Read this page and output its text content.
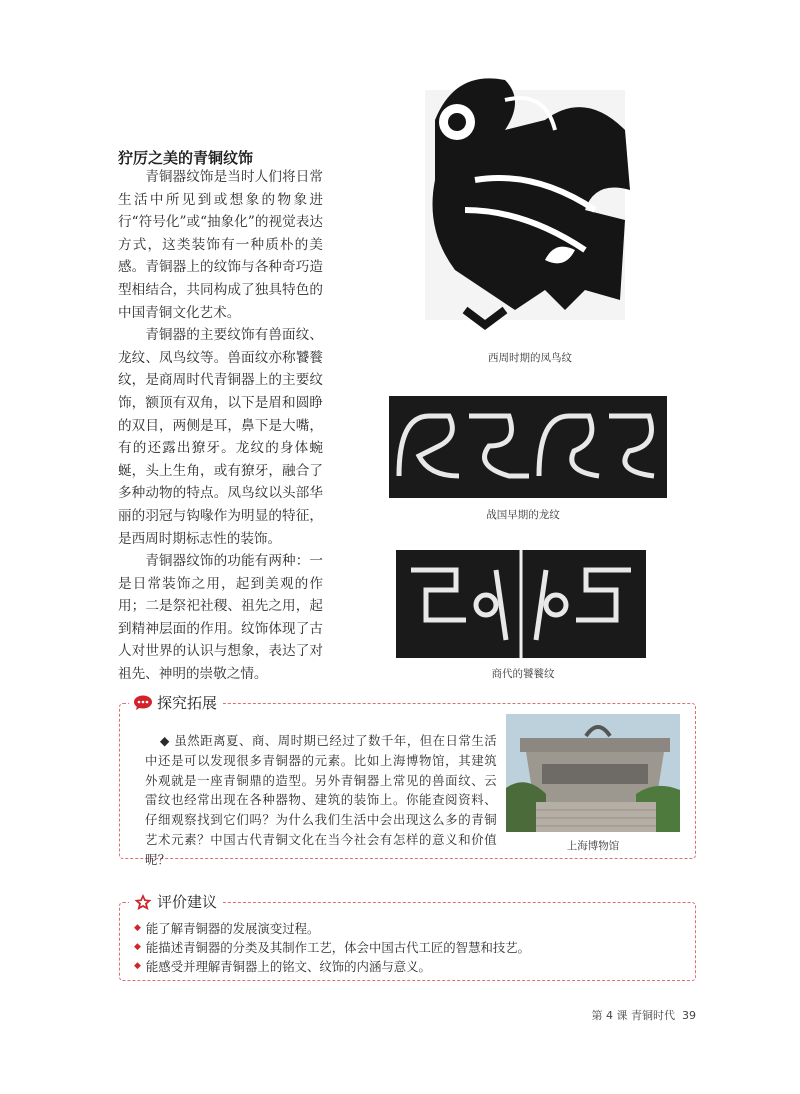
狞厉之美的青铜纹饰

青铜器纹饰是当时人们将日常生活中所见到或想象的物象进行“符号化”或“抽象化”的视觉表达方式，这类装饰有一种质朴的美感。青铜器上的纹饰与各种奇巧造型相结合，共同构成了独具特色的中国青铜文化艺术。

青铜器的主要纹饰有兽面纹、龙纹、凤鸟纹等。兽面纹亦称饕餮纹，是商周时代青铜器上的主要纹饰，额顶有双角，以下是眉和圆睁的双目，两侧是耳，鼻下是大嘴，有的还露出獠牙。龙纹的身体蜿蜒，头上生角，或有獠牙，融合了多种动物的特点。凤鸟纹以头部华丽的羽冠与钩喙作为明显的特征，是西周时期标志性的装饰。

青铜器纹饰的功能有两种：一是日常装饰之用，起到美观的作用；二是祭祀社稷、祖先之用，起到精神层面的作用。纹饰体现了古人对世界的认识与想象，表达了对祖先、神明的崇敬之情。

西周时期的凤鸟纹
战国早期的龙纹
商代的饕餮纹
探究拓展
◆ 虽然距离夏、商、周时期已经过了数千年，但在日常生活中还是可以发现很多青铜器的元素。比如上海博物馆，其建筑外观就是一座青铜鼎的造型。另外青铜器上常见的兽面纹、云雷纹也经常出现在各种器物、建筑的装饰上。你能查阅资料、仔细观察找到它们吗？为什么我们生活中会出现这么多的青铜艺术元素？中国古代青铜文化在当今社会有怎样的意义和价值呢？
上海博物馆
评价建议
◆ 能了解青铜器的发展演变过程。
◆ 能描述青铜器的分类及其制作工艺，体会中国古代工匠的智慧和技艺。
◆ 能感受并理解青铜器上的铭文、纹饰的内涵与意义。
第 4 课 青铜时代 39
